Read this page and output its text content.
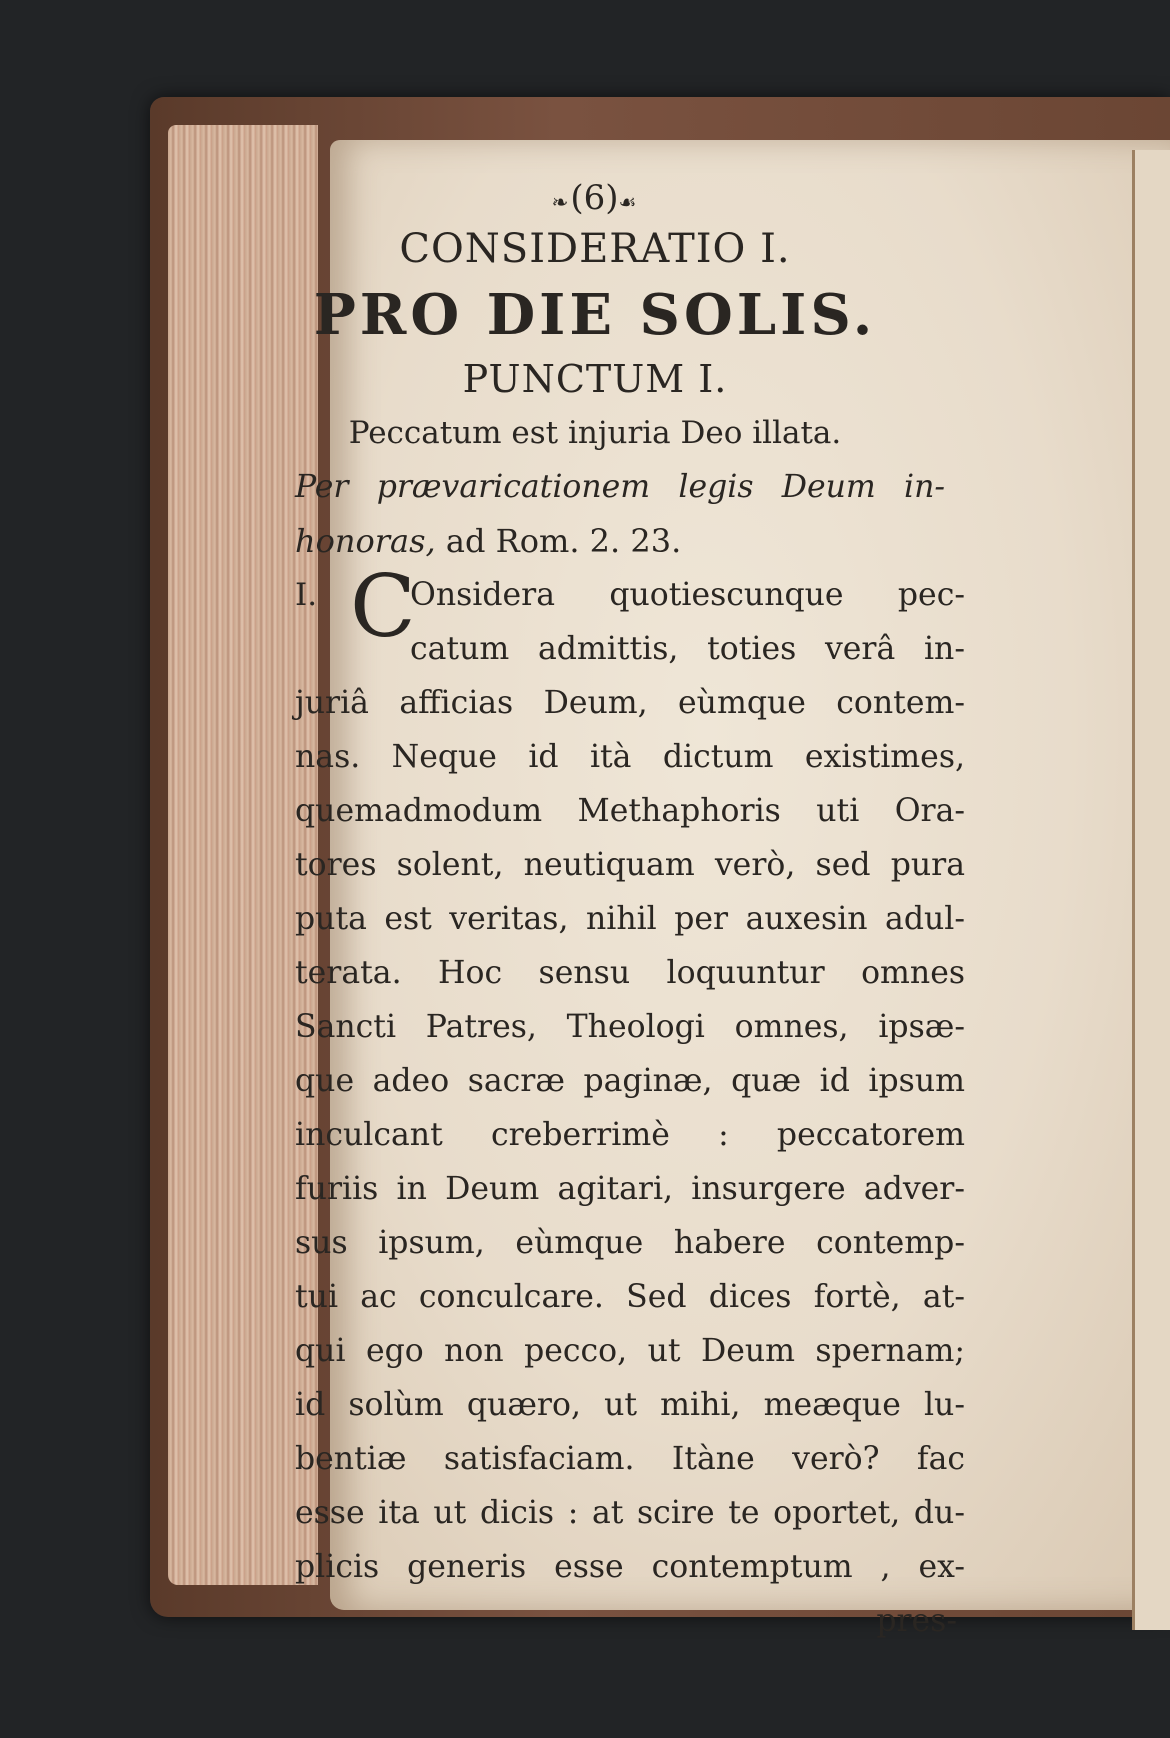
❧(6)☙
CONSIDERATIO I.
PRO DIE SOLIS.
PUNCTUM I.
Peccatum est injuria Deo illata.
Per prævaricationem legis Deum in-
honoras, ad Rom. 2. 23.
I. C
Onsidera quotiescunque pec-
catum admittis, toties verâ in-
juriâ afficias Deum, eùmque contem-
nas. Neque id ità dictum existimes,
quemadmodum Methaphoris uti Ora-
tores solent, neutiquam verò, sed pura
puta est veritas, nihil per auxesin adul-
terata. Hoc sensu loquuntur omnes
Sancti Patres, Theologi omnes, ipsæ-
que adeo sacræ paginæ, quæ id ipsum
inculcant creberrimè : peccatorem
furiis in Deum agitari, insurgere adver-
sus ipsum, eùmque habere contemp-
tui ac conculcare. Sed dices fortè, at-
qui ego non pecco, ut Deum spernam;
id solùm quæro, ut mihi, meæque lu-
bentiæ satisfaciam. Itàne verò? fac
esse ita ut dicis : at scire te oportet, du-
plicis generis esse contemptum , ex-
pres-
